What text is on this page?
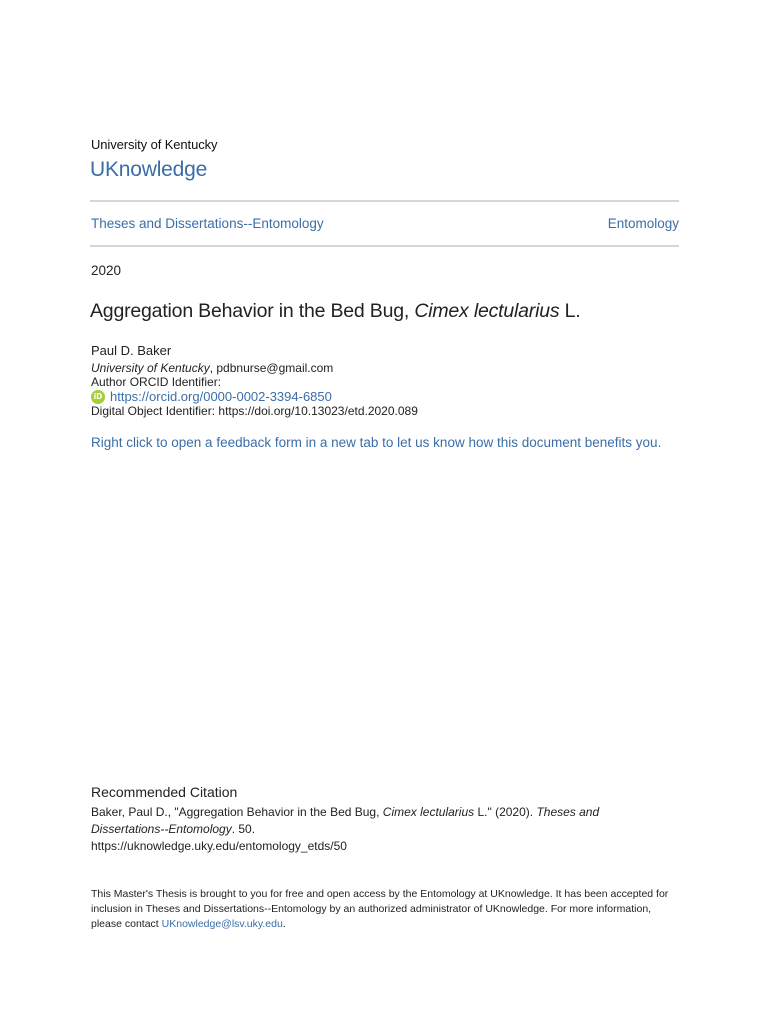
University of Kentucky
UKnowledge
Theses and Dissertations--Entomology	Entomology
2020
Aggregation Behavior in the Bed Bug, Cimex lectularius L.
Paul D. Baker
University of Kentucky, pdbnurse@gmail.com
Author ORCID Identifier:
iD https://orcid.org/0000-0002-3394-6850
Digital Object Identifier: https://doi.org/10.13023/etd.2020.089
Right click to open a feedback form in a new tab to let us know how this document benefits you.
Recommended Citation
Baker, Paul D., "Aggregation Behavior in the Bed Bug, Cimex lectularius L." (2020). Theses and Dissertations--Entomology. 50.
https://uknowledge.uky.edu/entomology_etds/50
This Master's Thesis is brought to you for free and open access by the Entomology at UKnowledge. It has been accepted for inclusion in Theses and Dissertations--Entomology by an authorized administrator of UKnowledge. For more information, please contact UKnowledge@lsv.uky.edu.
